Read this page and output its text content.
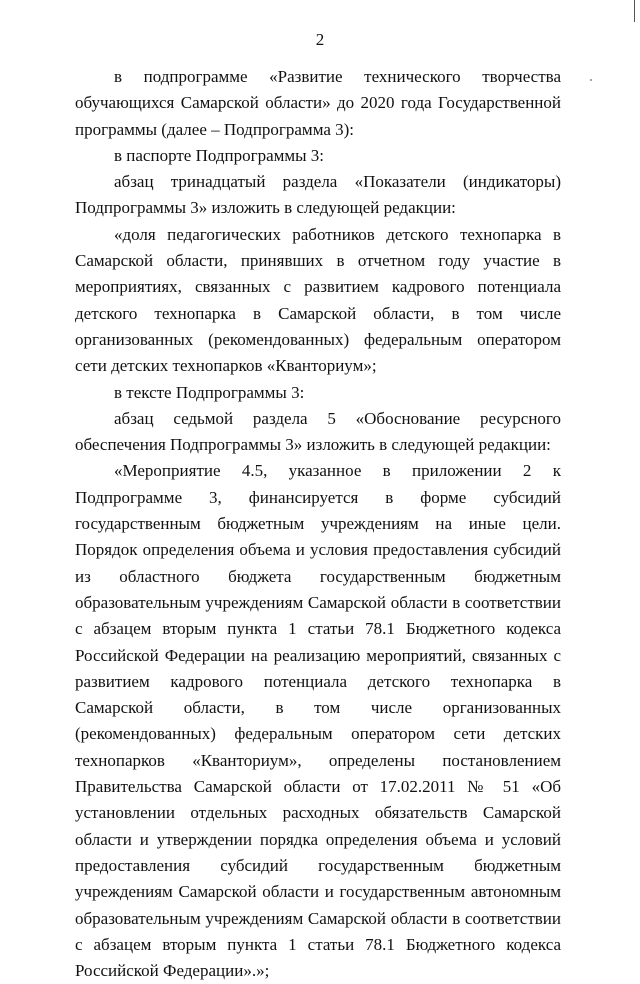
2

в подпрограмме «Развитие технического творчества обучающихся Самарской области» до 2020 года Государственной программы (далее – Подпрограмма 3):

в паспорте Подпрограммы 3:

абзац тринадцатый раздела «Показатели (индикаторы) Подпрограммы 3» изложить в следующей редакции:

«доля педагогических работников детского технопарка в Самарской области, принявших в отчетном году участие в мероприятиях, связанных с развитием кадрового потенциала детского технопарка в Самарской области, в том числе организованных (рекомендованных) федеральным оператором сети детских технопарков «Кванториум»;

в тексте Подпрограммы 3:

абзац седьмой раздела 5 «Обоснование ресурсного обеспечения Подпрограммы 3» изложить в следующей редакции:

«Мероприятие 4.5, указанное в приложении 2 к Подпрограмме 3, финансируется в форме субсидий государственным бюджетным учреждениям на иные цели. Порядок определения объема и условия предоставления субсидий из областного бюджета государственным бюджетным образовательным учреждениям Самарской области в соответствии с абзацем вторым пункта 1 статьи 78.1 Бюджетного кодекса Российской Федерации на реализацию мероприятий, связанных с развитием кадрового потенциала детского технопарка в Самарской области, в том числе организованных (рекомендованных) федеральным оператором сети детских технопарков «Кванториум», определены постановлением Правительства Самарской области от 17.02.2011 № 51 «Об установлении отдельных расходных обязательств Самарской области и утверждении порядка определения объема и условий предоставления субсидий государственным бюджетным учреждениям Самарской области и государственным автономным образовательным учреждениям Самарской области в соответствии с абзацем вторым пункта 1 статьи 78.1 Бюджетного кодекса Российской Федерации».»;
